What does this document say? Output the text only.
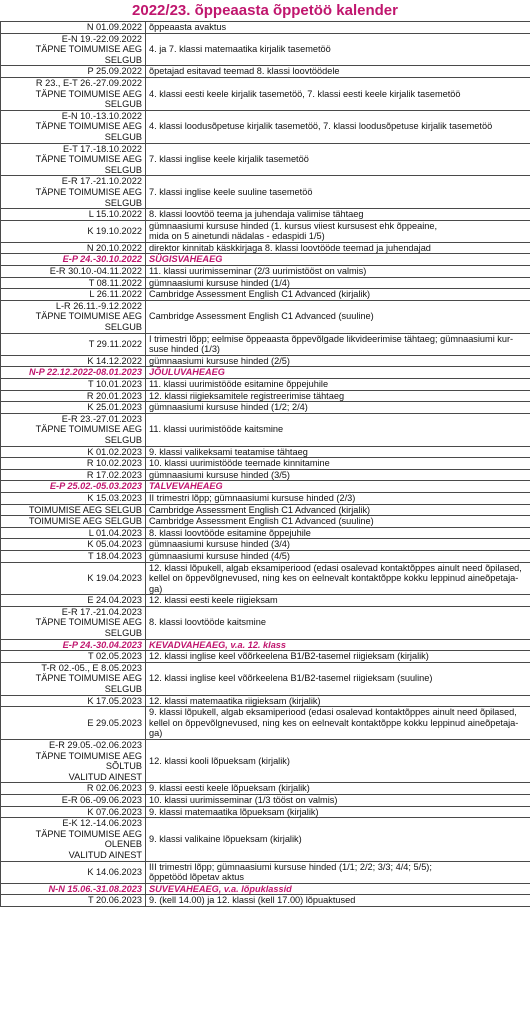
2022/23. õppeaasta õppetöö kalender
N 01.09.2022	õppeaasta avaktus
E-N 19.-22.09.2022
TÄPNE TOIMUMISE AEG SELGUB	4. ja 7. klassi matemaatika kirjalik tasemetöö
P 25.09.2022	õpetajad esitavad teemad 8. klassi loovtöödele
R 23., E-T 26.-27.09.2022
TÄPNE TOIMUMISE AEG SELGUB	4. klassi eesti keele kirjalik tasemetöö, 7. klassi eesti keele kirjalik tasemetöö
E-N 10.-13.10.2022
TÄPNE TOIMUMISE AEG SELGUB	4. klassi loodusõpetuse kirjalik tasemetöö, 7. klassi loodusõpetuse kirjalik tasemetöö
E-T 17.-18.10.2022
TÄPNE TOIMUMISE AEG SELGUB	7. klassi inglise keele kirjalik tasemetöö
E-R 17.-21.10.2022
TÄPNE TOIMUMISE AEG SELGUB	7. klassi inglise keele suuline tasemetöö
L 15.10.2022	8. klassi loovtöö teema ja juhendaja valimise tähtaeg
K 19.10.2022	gümnaasiumi kursuse hinded (1. kursus viiest kursusest ehk õppeaine,
mida on 5 ainetundi nädalas - edaspidi 1/5)
N 20.10.2022	direktor kinnitab käskkirjaga 8. klassi loovtööde teemad ja juhendajad
E-P 24.-30.10.2022	SÜGISVAHEAEG
E-R 30.10.-04.11.2022	11. klassi uurimisseminar (2/3 uurimistööst on valmis)
T 08.11.2022	gümnaasiumi kursuse hinded (1/4)
L 26.11.2022	Cambridge Assessment English C1 Advanced (kirjalik)
L-R 26.11.-9.12.2022
TÄPNE TOIMUMISE AEG SELGUB	Cambridge Assessment English C1 Advanced (suuline)
T 29.11.2022	I trimestri lõpp; eelmise õppeaasta õppevõlgade likvideerimise tähtaeg; gümnaasiumi kur-
suse hinded (1/3)
K 14.12.2022	gümnaasiumi kursuse hinded (2/5)
N-P 22.12.2022-08.01.2023	JÕULUVAHEAEG
T 10.01.2023	11. klassi uurimistööde esitamine õppejuhile
R 20.01.2023	12. klassi riigieksamitele registreerimise tähtaeg
K 25.01.2023	gümnaasiumi kursuse hinded (1/2; 2/4)
E-R 23.-27.01.2023
TÄPNE TOIMUMISE AEG SELGUB	11. klassi uurimistööde kaitsmine
K 01.02.2023	9. klassi valikeksami teatamise tähtaeg
R 10.02.2023	10. klassi uurimistööde teemade kinnitamine
R 17.02.2023	gümnaasiumi kursuse hinded (3/5)
E-P 25.02.-05.03.2023	TALVEVAHEAEG
K 15.03.2023	II trimestri lõpp; gümnaasiumi kursuse hinded (2/3)
TOIMUMISE AEG SELGUB	Cambridge Assessment English C1 Advanced (kirjalik)
TOIMUMISE AEG SELGUB	Cambridge Assessment English C1 Advanced (suuline)
L 01.04.2023	8. klassi loovtööde esitamine õppejuhile
K 05.04.2023	gümnaasiumi kursuse hinded (3/4)
T 18.04.2023	gümnaasiumi kursuse hinded (4/5)
K 19.04.2023	12. klassi lõpukell, algab eksamiperiood (edasi osalevad kontaktõppes ainult need õpilased,
kellel on õppevõlgnevused, ning kes on eelnevalt kontaktõppe kokku leppinud aineõpetaja-
ga)
E 24.04.2023	12. klassi eesti keele riigieksam
E-R 17.-21.04.2023
TÄPNE TOIMUMISE AEG SELGUB	8. klassi loovtööde kaitsmine
E-P 24.-30.04.2023	KEVADVAHEAEG, v.a. 12. klass
T 02.05.2023	12. klassi inglise keel võõrkeelena B1/B2-tasemel riigieksam (kirjalik)
T-R 02.-05., E 8.05.2023
TÄPNE TOIMUMISE AEG SELGUB	12. klassi inglise keel võõrkeelena B1/B2-tasemel riigieksam (suuline)
K 17.05.2023	12. klassi matemaatika riigieksam (kirjalik)
E 29.05.2023	9. klassi lõpukell, algab eksamiperiood (edasi osalevad kontaktõppes ainult need õpilased,
kellel on õppevõlgnevused, ning kes on eelnevalt kontaktõppe kokku leppinud aineõpetaja-
ga)
E-R 29.05.-02.06.2023
TÄPNE TOIMUMISE AEG SÕLTUB
VALITUD AINEST	12. klassi kooli lõpueksam (kirjalik)
R 02.06.2023	9. klassi eesti keele lõpueksam (kirjalik)
E-R 06.-09.06.2023	10. klassi uurimisseminar (1/3 tööst on valmis)
K 07.06.2023	9. klassi matemaatika lõpueksam (kirjalik)
E-K 12.-14.06.2023
TÄPNE TOIMUMISE AEG OLENEB
VALITUD AINEST	9. klassi valikaine lõpueksam (kirjalik)
K 14.06.2023	III trimestri lõpp; gümnaasiumi kursuse hinded (1/1; 2/2; 3/3; 4/4; 5/5);
õppetööd lõpetav aktus
N-N 15.06.-31.08.2023	SUVEVAHEAEG, v.a. lõpuklassid
T 20.06.2023	9. (kell 14.00) ja 12. klassi (kell 17.00) lõpuaktused
